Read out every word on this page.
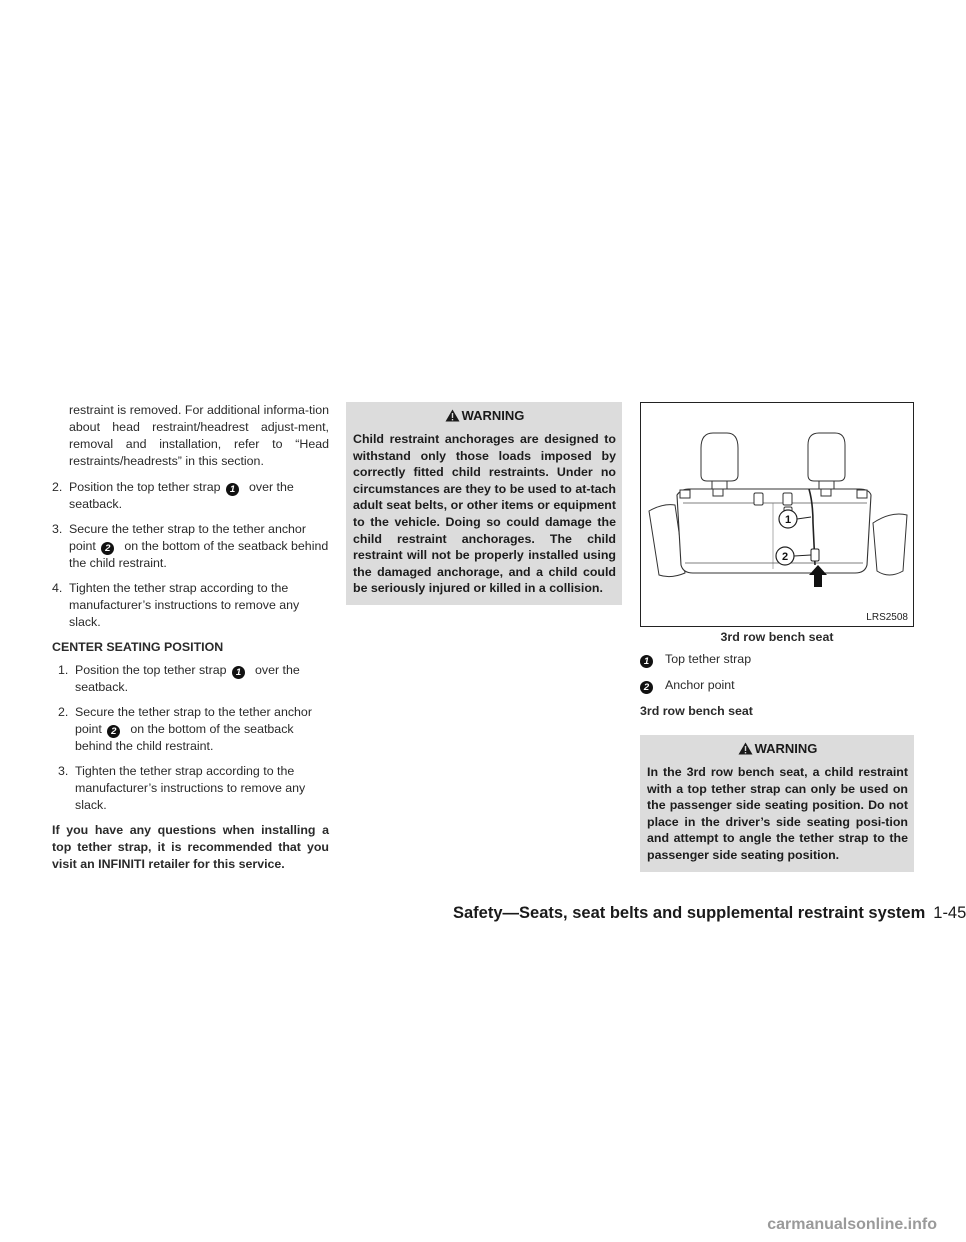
restraint is removed. For additional informa-tion about head restraint/headrest adjust-ment, removal and installation, refer to “Head restraints/headrests” in this section.

2. Position the top tether strap 1 over the seatback.

3. Secure the tether strap to the tether anchor point 2 on the bottom of the seatback behind the child restraint.

4. Tighten the tether strap according to the manufacturer’s instructions to remove any slack.

CENTER SEATING POSITION

1. Position the top tether strap 1 over the seatback.

2. Secure the tether strap to the tether anchor point 2 on the bottom of the seatback behind the child restraint.

3. Tighten the tether strap according to the manufacturer’s instructions to remove any slack.

If you have any questions when installing a top tether strap, it is recommended that you visit an INFINITI retailer for this service.

WARNING
Child restraint anchorages are designed to withstand only those loads imposed by correctly fitted child restraints. Under no circumstances are they to be used to at-tach adult seat belts, or other items or equipment to the vehicle. Doing so could damage the child restraint anchorages. The child restraint will not be properly installed using the damaged anchorage, and a child could be seriously injured or killed in a collision.
1
2
LRS2508
3rd row bench seat
1 Top tether strap
2 Anchor point
3rd row bench seat
WARNING
In the 3rd row bench seat, a child restraint with a top tether strap can only be used on the passenger side seating position. Do not place in the driver’s side seating posi-tion and attempt to angle the tether strap to the passenger side seating position.
Safety—Seats, seat belts and supplemental restraint system 1-45
carmanualsonline.info
